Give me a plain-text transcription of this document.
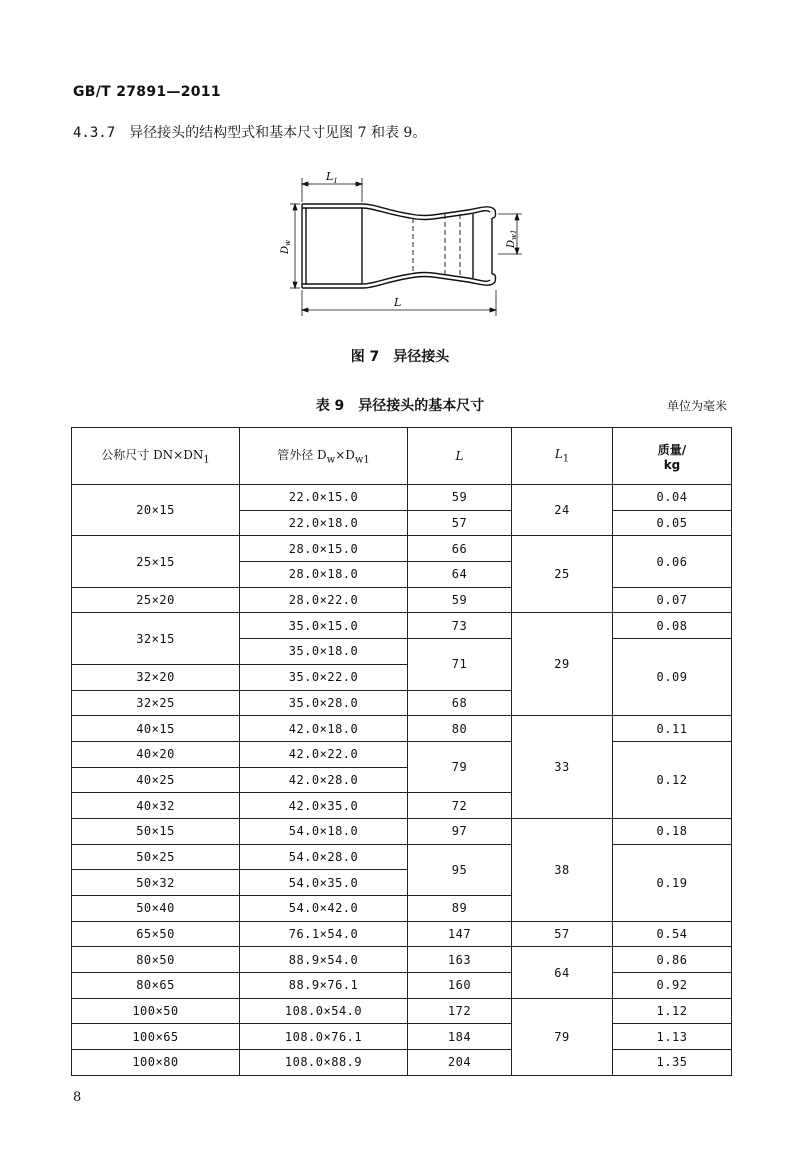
GB/T 27891—2011
4.3.7 异径接头的结构型式和基本尺寸见图 7 和表 9。
$L_1$
L
$D_w$	$D_{w1}$
图 7　异径接头
表 9　异径接头的基本尺寸	单位为毫米
公称尺寸 $DN\times DN_1$	管外径 $D_w\times D_{w1}$	L	$L_1$	质量/
kg
20×15	22.0×15.0	59	24	0.04
	22.0×18.0	57		0.05
25×15	28.0×15.0	66	25	0.06
	28.0×18.0	64		
25×20	28.0×22.0	59		0.07
32×15	35.0×15.0	73	29	0.08
	35.0×18.0	71		0.09
32×20	35.0×22.0			
32×25	35.0×28.0	68		
40×15	42.0×18.0	80	33	0.11
40×20	42.0×22.0	79		0.12
40×25	42.0×28.0			
40×32	42.0×35.0	72		
50×15	54.0×18.0	97	38	0.18
50×25	54.0×28.0	95		0.19
50×32	54.0×35.0			
50×40	54.0×42.0	89		
65×50	76.1×54.0	147	57	0.54
80×50	88.9×54.0	163	64	0.86
80×65	88.9×76.1	160		0.92
100×50	108.0×54.0	172	79	1.12
100×65	108.0×76.1	184		1.13
100×80	108.0×88.9	204		1.35
8
